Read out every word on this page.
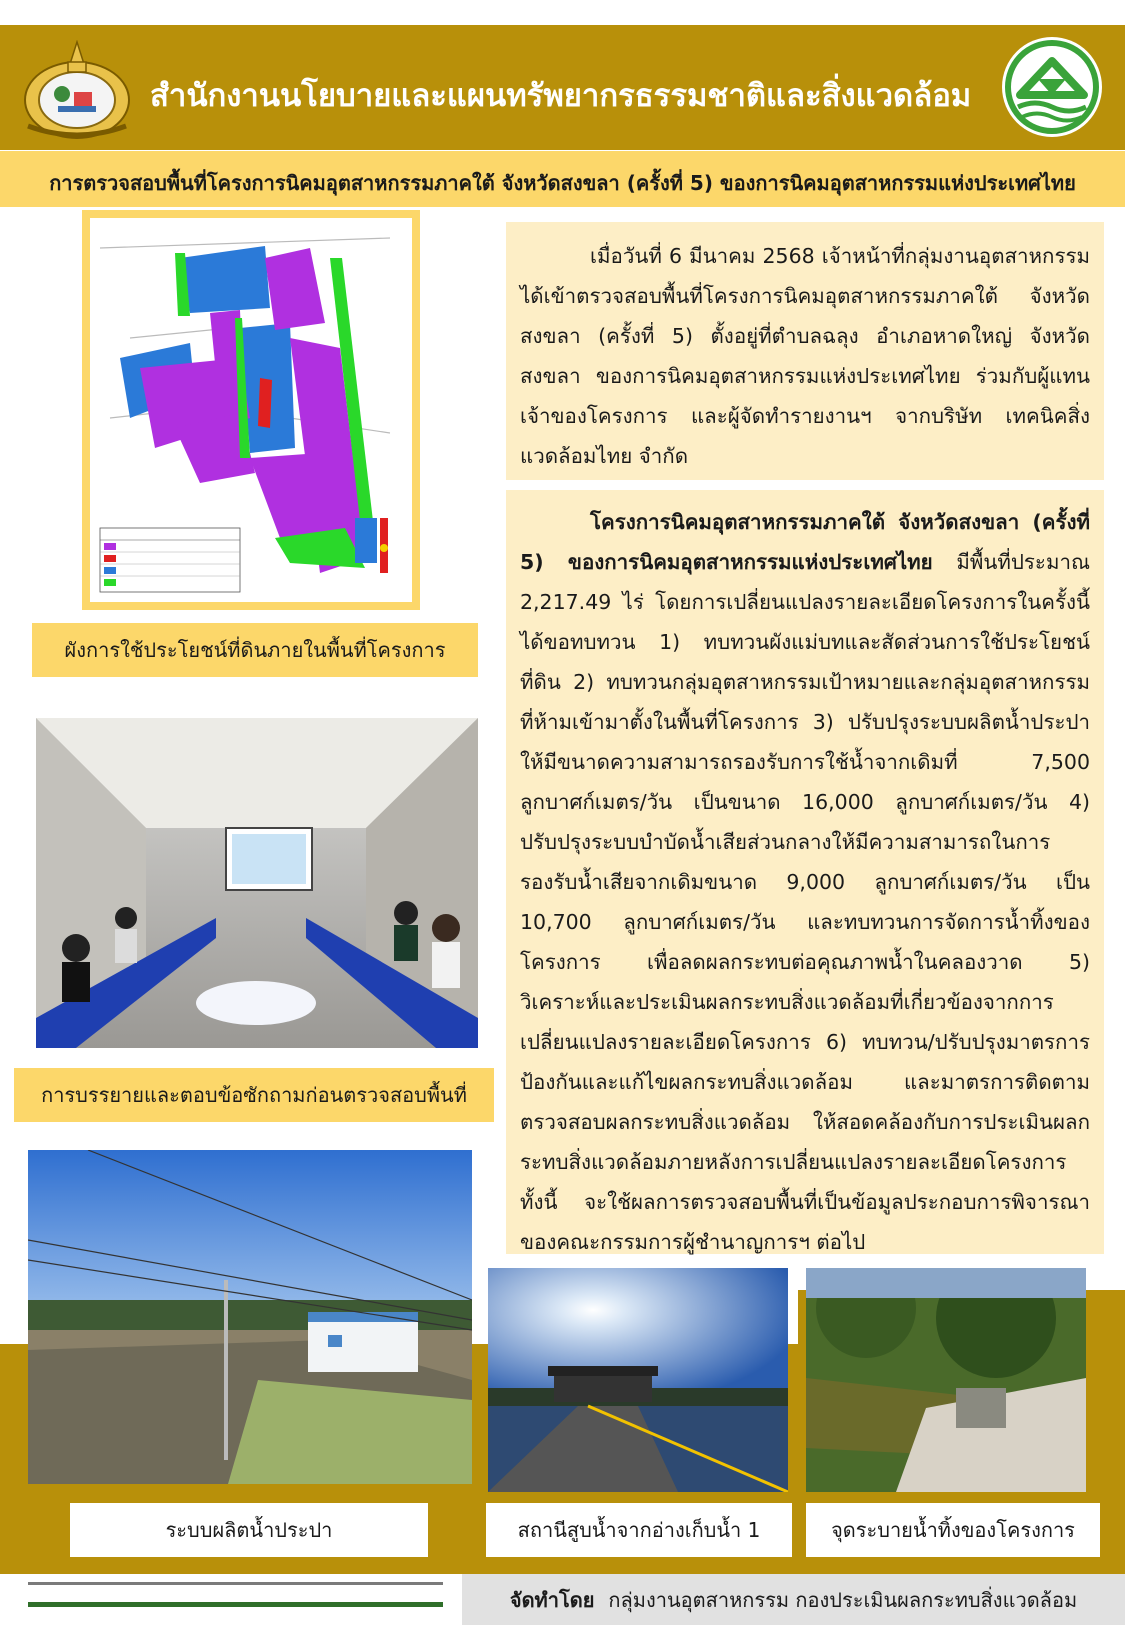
สำนักงานนโยบายและแผนทรัพยากรธรรมชาติและสิ่งแวดล้อม
การตรวจสอบพื้นที่โครงการนิคมอุตสาหกรรมภาคใต้ จังหวัดสงขลา (ครั้งที่ 5) ของการนิคมอุตสาหกรรมแห่งประเทศไทย
ผังการใช้ประโยชน์ที่ดินภายในพื้นที่โครงการ
การบรรยายและตอบข้อซักถามก่อนตรวจสอบพื้นที่

เมื่อวันที่ 6 มีนาคม 2568 เจ้าหน้าที่กลุ่มงานอุตสาหกรรม ได้เข้าตรวจสอบพื้นที่โครงการนิคมอุตสาหกรรมภาคใต้ จังหวัดสงขลา (ครั้งที่ 5) ตั้งอยู่ที่ตำบลฉลุง อำเภอหาดใหญ่ จังหวัดสงขลา ของการนิคมอุตสาหกรรมแห่งประเทศไทย ร่วมกับผู้แทนเจ้าของโครงการ และผู้จัดทำรายงานฯ จากบริษัท เทคนิคสิ่งแวดล้อมไทย จำกัด

โครงการนิคมอุตสาหกรรมภาคใต้ จังหวัดสงขลา (ครั้งที่ 5) ของการนิคมอุตสาหกรรมแห่งประเทศไทย มีพื้นที่ประมาณ 2,217.49 ไร่ โดยการเปลี่ยนแปลงรายละเอียดโครงการในครั้งนี้ได้ขอทบทวน 1) ทบทวนผังแม่บทและสัดส่วนการใช้ประโยชน์ที่ดิน 2) ทบทวนกลุ่มอุตสาหกรรมเป้าหมายและกลุ่มอุตสาหกรรมที่ห้ามเข้ามาตั้งในพื้นที่โครงการ 3) ปรับปรุงระบบผลิตน้ำประปาให้มีขนาดความสามารถรองรับการใช้น้ำจากเดิมที่ 7,500 ลูกบาศก์เมตร/วัน เป็นขนาด 16,000 ลูกบาศก์เมตร/วัน 4) ปรับปรุงระบบบำบัดน้ำเสียส่วนกลางให้มีความสามารถในการรองรับน้ำเสียจากเดิมขนาด 9,000 ลูกบาศก์เมตร/วัน เป็น 10,700 ลูกบาศก์เมตร/วัน และทบทวนการจัดการน้ำทิ้งของโครงการ เพื่อลดผลกระทบต่อคุณภาพน้ำในคลองวาด 5) วิเคราะห์และประเมินผลกระทบสิ่งแวดล้อมที่เกี่ยวข้องจากการเปลี่ยนแปลงรายละเอียดโครงการ 6) ทบทวน/ปรับปรุงมาตรการป้องกันและแก้ไขผลกระทบสิ่งแวดล้อม และมาตรการติดตามตรวจสอบผลกระทบสิ่งแวดล้อม ให้สอดคล้องกับการประเมินผลกระทบสิ่งแวดล้อมภายหลังการเปลี่ยนแปลงรายละเอียดโครงการ ทั้งนี้ จะใช้ผลการตรวจสอบพื้นที่เป็นข้อมูลประกอบการพิจารณาของคณะกรรมการผู้ชำนาญการฯ ต่อไป

ระบบผลิตน้ำประปา	สถานีสูบน้ำจากอ่างเก็บน้ำ 1	จุดระบายน้ำทิ้งของโครงการ
จัดทำโดย กลุ่มงานอุตสาหกรรม กองประเมินผลกระทบสิ่งแวดล้อม
